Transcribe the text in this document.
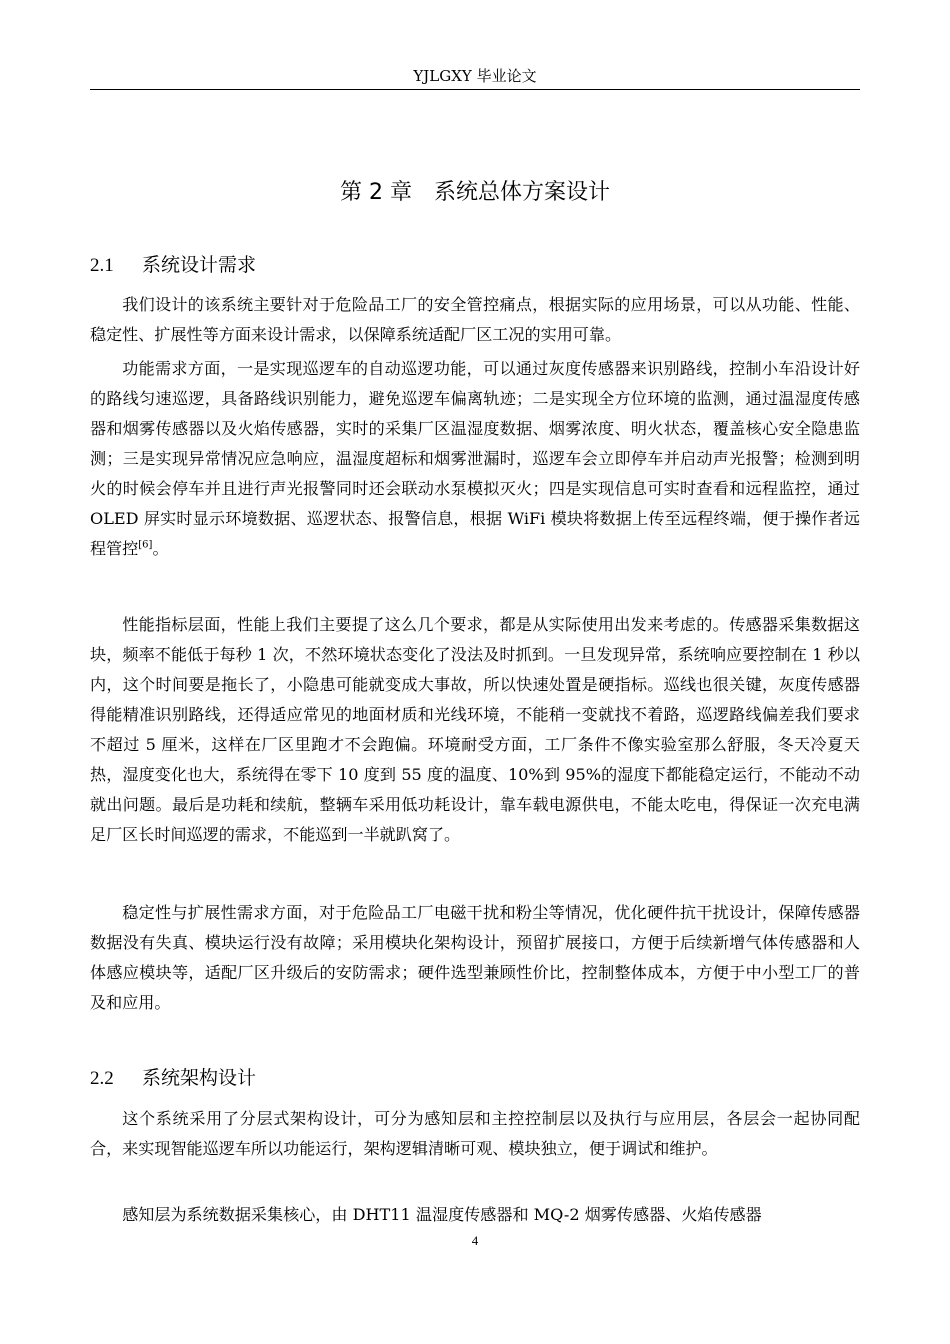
YJLGXY 毕业论文
第 2 章 系统总体方案设计
2.1 系统设计需求

我们设计的该系统主要针对于危险品工厂的安全管控痛点，根据实际的应用场景，可以从功能、性能、稳定性、扩展性等方面来设计需求，以保障系统适配厂区工况的实用可靠。

功能需求方面，一是实现巡逻车的自动巡逻功能，可以通过灰度传感器来识别路线，控制小车沿设计好的路线匀速巡逻，具备路线识别能力，避免巡逻车偏离轨迹；二是实现全方位环境的监测，通过温湿度传感器和烟雾传感器以及火焰传感器，实时的采集厂区温湿度数据、烟雾浓度、明火状态，覆盖核心安全隐患监测；三是实现异常情况应急响应，温湿度超标和烟雾泄漏时，巡逻车会立即停车并启动声光报警；检测到明火的时候会停车并且进行声光报警同时还会联动水泵模拟灭火；四是实现信息可实时查看和远程监控，通过 OLED 屏实时显示环境数据、巡逻状态、报警信息，根据 WiFi 模块将数据上传至远程终端，便于操作者远程管控[6]。

性能指标层面，性能上我们主要提了这么几个要求，都是从实际使用出发来考虑的。传感器采集数据这块，频率不能低于每秒 1 次，不然环境状态变化了没法及时抓到。一旦发现异常，系统响应要控制在 1 秒以内，这个时间要是拖长了，小隐患可能就变成大事故，所以快速处置是硬指标。巡线也很关键，灰度传感器得能精准识别路线，还得适应常见的地面材质和光线环境，不能稍一变就找不着路，巡逻路线偏差我们要求不超过 5 厘米，这样在厂区里跑才不会跑偏。环境耐受方面，工厂条件不像实验室那么舒服，冬天冷夏天热，湿度变化也大，系统得在零下 10 度到 55 度的温度、10%到 95%的湿度下都能稳定运行，不能动不动就出问题。最后是功耗和续航，整辆车采用低功耗设计，靠车载电源供电，不能太吃电，得保证一次充电满足厂区长时间巡逻的需求，不能巡到一半就趴窝了。

稳定性与扩展性需求方面，对于危险品工厂电磁干扰和粉尘等情况，优化硬件抗干扰设计，保障传感器数据没有失真、模块运行没有故障；采用模块化架构设计，预留扩展接口，方便于后续新增气体传感器和人体感应模块等，适配厂区升级后的安防需求；硬件选型兼顾性价比，控制整体成本，方便于中小型工厂的普及和应用。

2.2 系统架构设计

这个系统采用了分层式架构设计，可分为感知层和主控控制层以及执行与应用层，各层会一起协同配合，来实现智能巡逻车所以功能运行，架构逻辑清晰可观、模块独立，便于调试和维护。

感知层为系统数据采集核心，由 DHT11 温湿度传感器和 MQ-2 烟雾传感器、火焰传感器

4
